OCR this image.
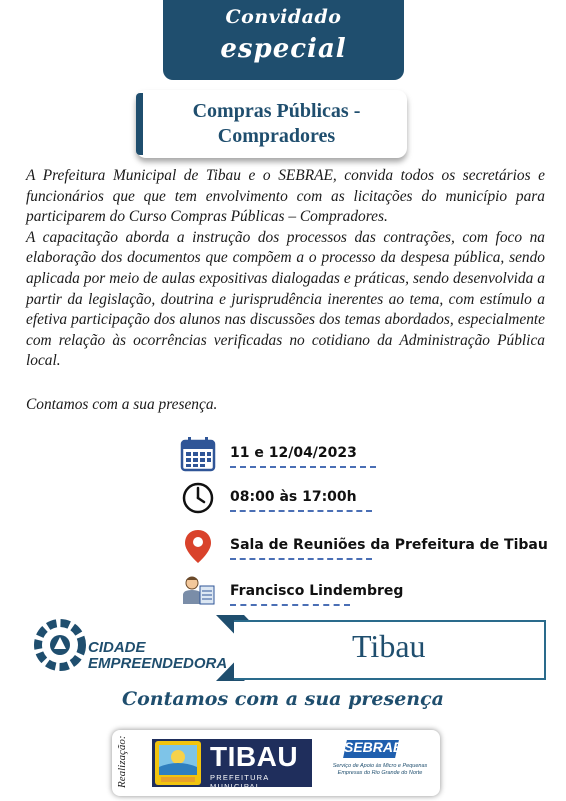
Convidado
especial
Compras Públicas -
Compradores

A Prefeitura Municipal de Tibau e o SEBRAE, convida todos os secretários e funcionários que que tem envolvimento com as licitações do município para participarem do Curso Compras Públicas – Compradores.

A capacitação aborda a instrução dos processos das contrações, com foco na elaboração dos documentos que compõem a o processo da despesa pública, sendo aplicada por meio de aulas expositivas dialogadas e práticas, sendo desenvolvida a partir da legislação, doutrina e jurisprudência inerentes ao tema, com estímulo a efetiva participação dos alunos nas discussões dos temas abordados, especialmente com relação às ocorrências verificadas no cotidiano da Administração Pública local.

Contamos com a sua presença.
11 e 12/04/2023
08:00 às 17:00h
Sala de Reuniões da Prefeitura de Tibau
Francisco Lindembreg
CIDADE
EMPREENDEDORA	Tibau
Contamos com a sua presença
Realização:	TIBAU
PREFEITURA MUNICIPAL
SEBRAE
Serviço de Apoio às Micro e Pequenas Empresas do Rio Grande do Norte
